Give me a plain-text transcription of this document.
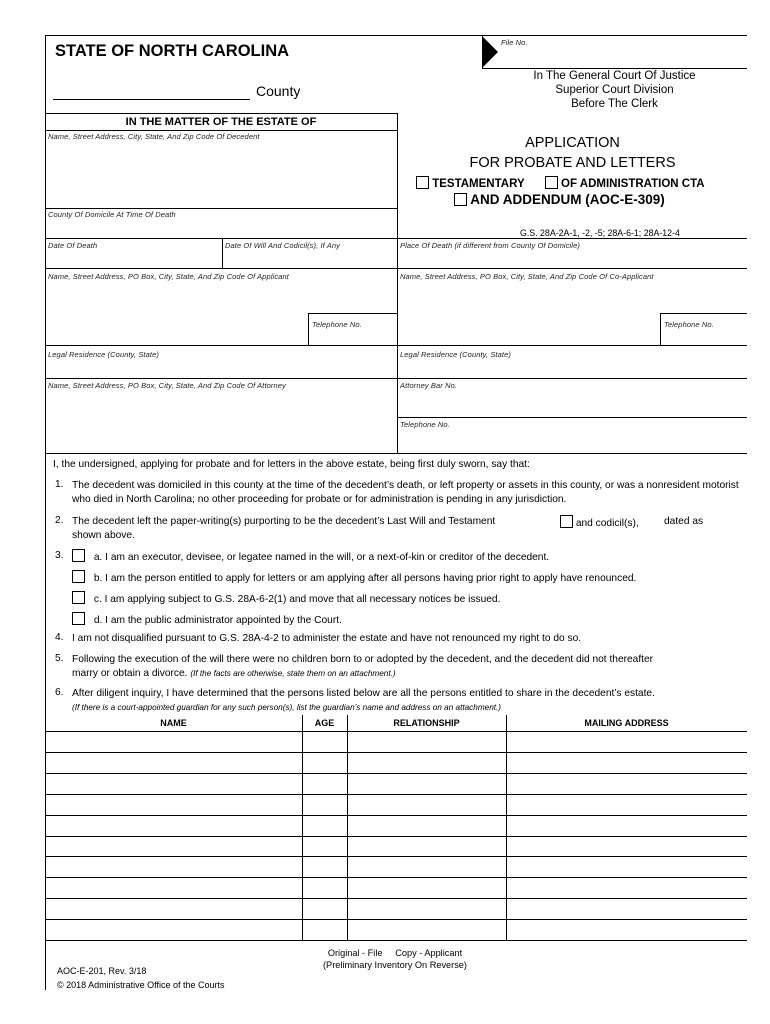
STATE OF NORTH CAROLINA
County
File No.
In The General Court Of Justice
Superior Court Division
Before The Clerk
IN THE MATTER OF THE ESTATE OF
Name, Street Address, City, State, And Zip Code Of Decedent
County Of Domicile At Time Of Death
Date Of Death	Date Of Will And Codicil(s), If Any	Place Of Death (if different from County Of Domicile)
APPLICATION
FOR PROBATE AND LETTERS
TESTAMENTARY	OF ADMINISTRATION CTA
AND ADDENDUM (AOC-E-309)
G.S. 28A-2A-1, -2, -5; 28A-6-1; 28A-12-4
Name, Street Address, PO Box, City, State, And Zip Code Of Applicant	Name, Street Address, PO Box, City, State, And Zip Code Of Co-Applicant
Telephone No.	Telephone No.
Legal Residence (County, State)	Legal Residence (County, State)
Name, Street Address, PO Box, City, State, And Zip Code Of Attorney	Attorney Bar No.
Telephone No.
I, the undersigned, applying for probate and for letters in the above estate, being first duly sworn, say that:
1. The decedent was domiciled in this county at the time of the decedent’s death, or left property or assets in this county, or was a nonresident motorist who died in North Carolina; no other proceeding for probate or for administration is pending in any jurisdiction.
2. The decedent left the paper-writing(s) purporting to be the decedent’s Last Will and Testament	and codicil(s), dated as
shown above.
3.	a. I am an executor, devisee, or legatee named in the will, or a next-of-kin or creditor of the decedent.
b. I am the person entitled to apply for letters or am applying after all persons having prior right to apply have renounced.
c. I am applying subject to G.S. 28A-6-2(1) and move that all necessary notices be issued.
d. I am the public administrator appointed by the Court.
4. I am not disqualified pursuant to G.S. 28A-4-2 to administer the estate and have not renounced my right to do so.
5. Following the execution of the will there were no children born to or adopted by the decedent, and the decedent did not thereafter
marry or obtain a divorce. (If the facts are otherwise, state them on an attachment.)
6. After diligent inquiry, I have determined that the persons listed below are all the persons entitled to share in the decedent’s estate.
(If there is a court-appointed guardian for any such person(s), list the guardian’s name and address on an attachment.)
NAME	AGE	RELATIONSHIP	MAILING ADDRESS
Original - File     Copy - Applicant
(Preliminary Inventory On Reverse)
AOC-E-201, Rev. 3/18
© 2018 Administrative Office of the Courts
